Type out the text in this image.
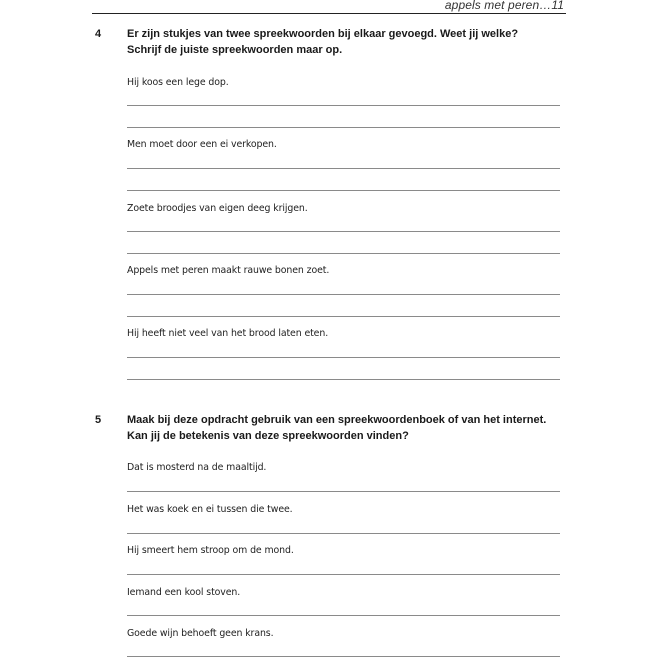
appels met peren…11
4 Er zijn stukjes van twee spreekwoorden bij elkaar gevoegd. Weet jij welke?
Schrijf de juiste spreekwoorden maar op.
Hij koos een lege dop.
Men moet door een ei verkopen.
Zoete broodjes van eigen deeg krijgen.
Appels met peren maakt rauwe bonen zoet.
Hij heeft niet veel van het brood laten eten.
5 Maak bij deze opdracht gebruik van een spreekwoordenboek of van het internet.
Kan jij de betekenis van deze spreekwoorden vinden?
Dat is mosterd na de maaltijd.
Het was koek en ei tussen die twee.
Hij smeert hem stroop om de mond.
Iemand een kool stoven.
Goede wijn behoeft geen krans.
